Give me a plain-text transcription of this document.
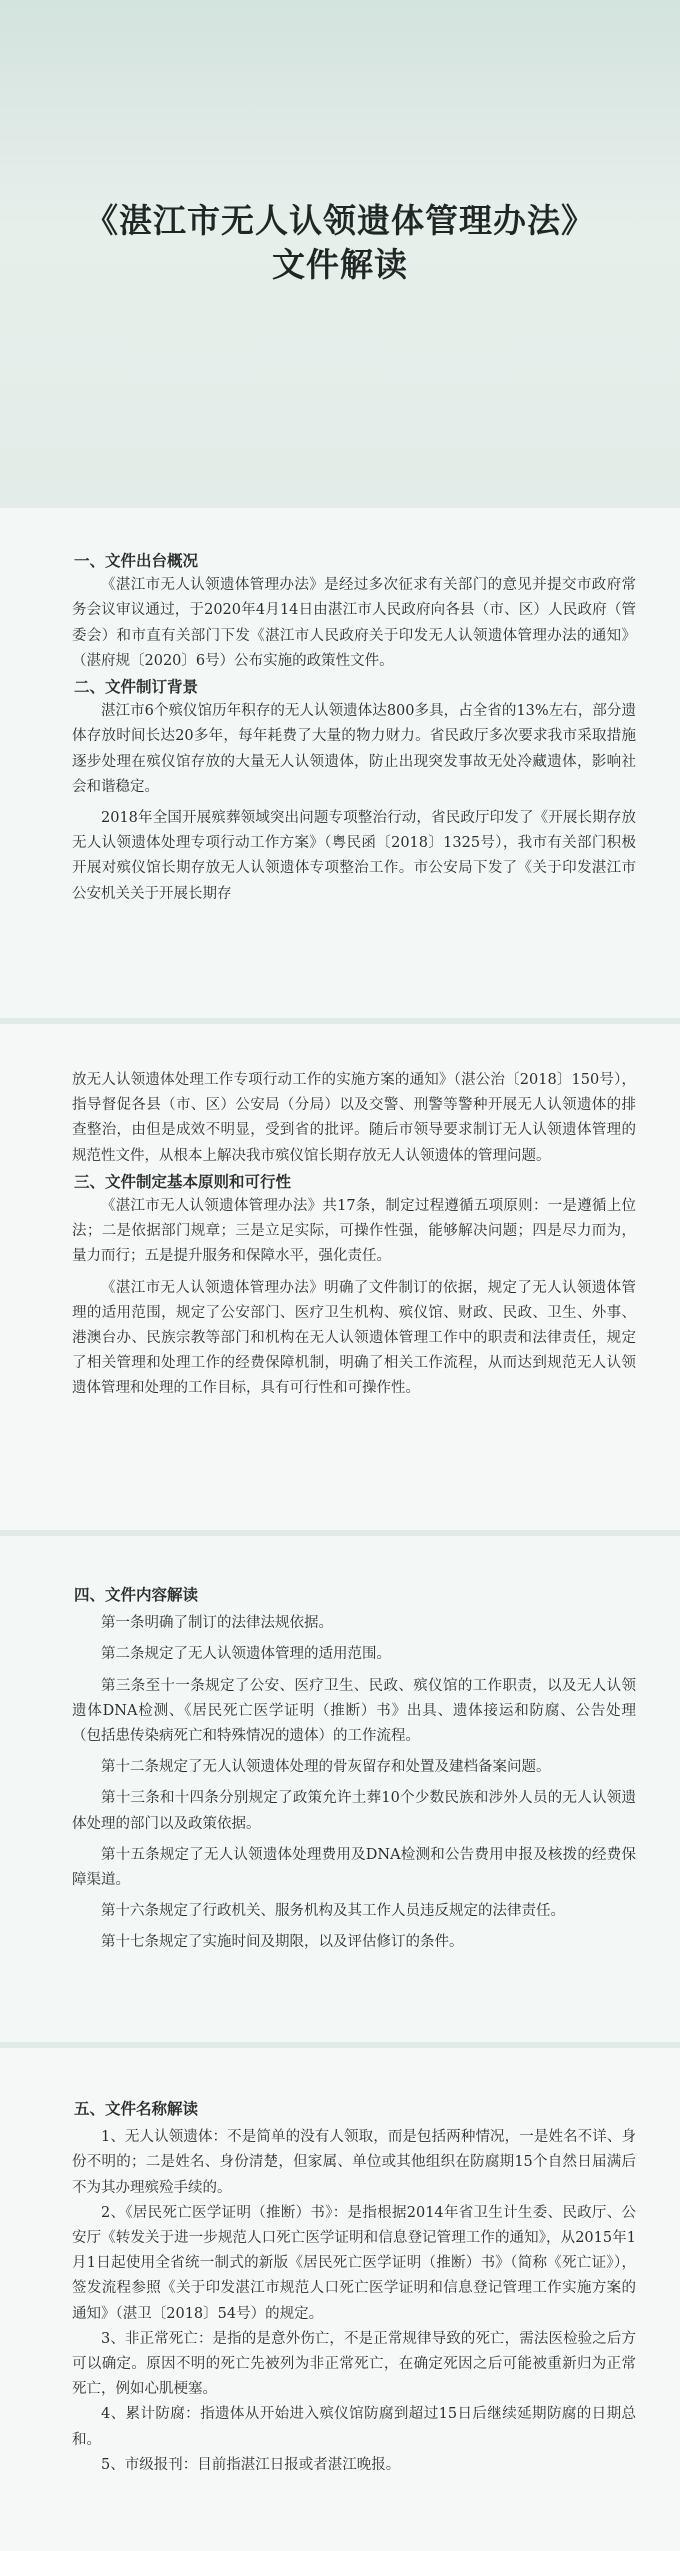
《湛江市无人认领遗体管理办法》
文件解读

一、文件出台概况

《湛江市无人认领遗体管理办法》是经过多次征求有关部门的意见并提交市政府常务会议审议通过，于2020年4月14日由湛江市人民政府向各县（市、区）人民政府（管委会）和市直有关部门下发《湛江市人民政府关于印发无人认领遗体管理办法的通知》（湛府规〔2020〕6号）公布实施的政策性文件。

二、文件制订背景

湛江市6个殡仪馆历年积存的无人认领遗体达800多具，占全省的13%左右，部分遗体存放时间长达20多年，每年耗费了大量的物力财力。省民政厅多次要求我市采取措施逐步处理在殡仪馆存放的大量无人认领遗体，防止出现突发事故无处冷藏遗体，影响社会和谐稳定。

2018年全国开展殡葬领域突出问题专项整治行动，省民政厅印发了《开展长期存放无人认领遗体处理专项行动工作方案》（粤民函〔2018〕1325号），我市有关部门积极开展对殡仪馆长期存放无人认领遗体专项整治工作。市公安局下发了《关于印发湛江市公安机关关于开展长期存

放无人认领遗体处理工作专项行动工作的实施方案的通知》（湛公治〔2018〕150号），指导督促各县（市、区）公安局（分局）以及交警、刑警等警种开展无人认领遗体的排查整治，由但是成效不明显，受到省的批评。随后市领导要求制订无人认领遗体管理的规范性文件，从根本上解决我市殡仪馆长期存放无人认领遗体的管理问题。

三、文件制定基本原则和可行性

《湛江市无人认领遗体管理办法》共17条，制定过程遵循五项原则：一是遵循上位法；二是依据部门规章；三是立足实际，可操作性强，能够解决问题；四是尽力而为，量力而行；五是提升服务和保障水平，强化责任。

《湛江市无人认领遗体管理办法》明确了文件制订的依据，规定了无人认领遗体管理的适用范围，规定了公安部门、医疗卫生机构、殡仪馆、财政、民政、卫生、外事、港澳台办、民族宗教等部门和机构在无人认领遗体管理工作中的职责和法律责任，规定了相关管理和处理工作的经费保障机制，明确了相关工作流程，从而达到规范无人认领遗体管理和处理的工作目标，具有可行性和可操作性。

四、文件内容解读

第一条明确了制订的法律法规依据。

第二条规定了无人认领遗体管理的适用范围。

第三条至十一条规定了公安、医疗卫生、民政、殡仪馆的工作职责，以及无人认领遗体DNA检测、《居民死亡医学证明（推断）书》出具、遗体接运和防腐、公告处理（包括患传染病死亡和特殊情况的遗体）的工作流程。

第十二条规定了无人认领遗体处理的骨灰留存和处置及建档备案问题。

第十三条和十四条分别规定了政策允许土葬10个少数民族和涉外人员的无人认领遗体处理的部门以及政策依据。

第十五条规定了无人认领遗体处理费用及DNA检测和公告费用申报及核拨的经费保障渠道。

第十六条规定了行政机关、服务机构及其工作人员违反规定的法律责任。

第十七条规定了实施时间及期限，以及评估修订的条件。

五、文件名称解读

1、无人认领遗体：不是简单的没有人领取，而是包括两种情况，一是姓名不详、身份不明的；二是姓名、身份清楚，但家属、单位或其他组织在防腐期15个自然日届满后不为其办理殡殓手续的。

2、《居民死亡医学证明（推断）书》：是指根据2014年省卫生计生委、民政厅、公安厅《转发关于进一步规范人口死亡医学证明和信息登记管理工作的通知》，从2015年1月1日起使用全省统一制式的新版《居民死亡医学证明（推断）书》（简称《死亡证》），签发流程参照《关于印发湛江市规范人口死亡医学证明和信息登记管理工作实施方案的通知》（湛卫〔2018〕54号）的规定。

3、非正常死亡：是指的是意外伤亡，不是正常规律导致的死亡，需法医检验之后方可以确定。原因不明的死亡先被列为非正常死亡，在确定死因之后可能被重新归为正常死亡，例如心肌梗塞。

4、累计防腐：指遗体从开始进入殡仪馆防腐到超过15日后继续延期防腐的日期总和。

5、市级报刊：目前指湛江日报或者湛江晚报。
